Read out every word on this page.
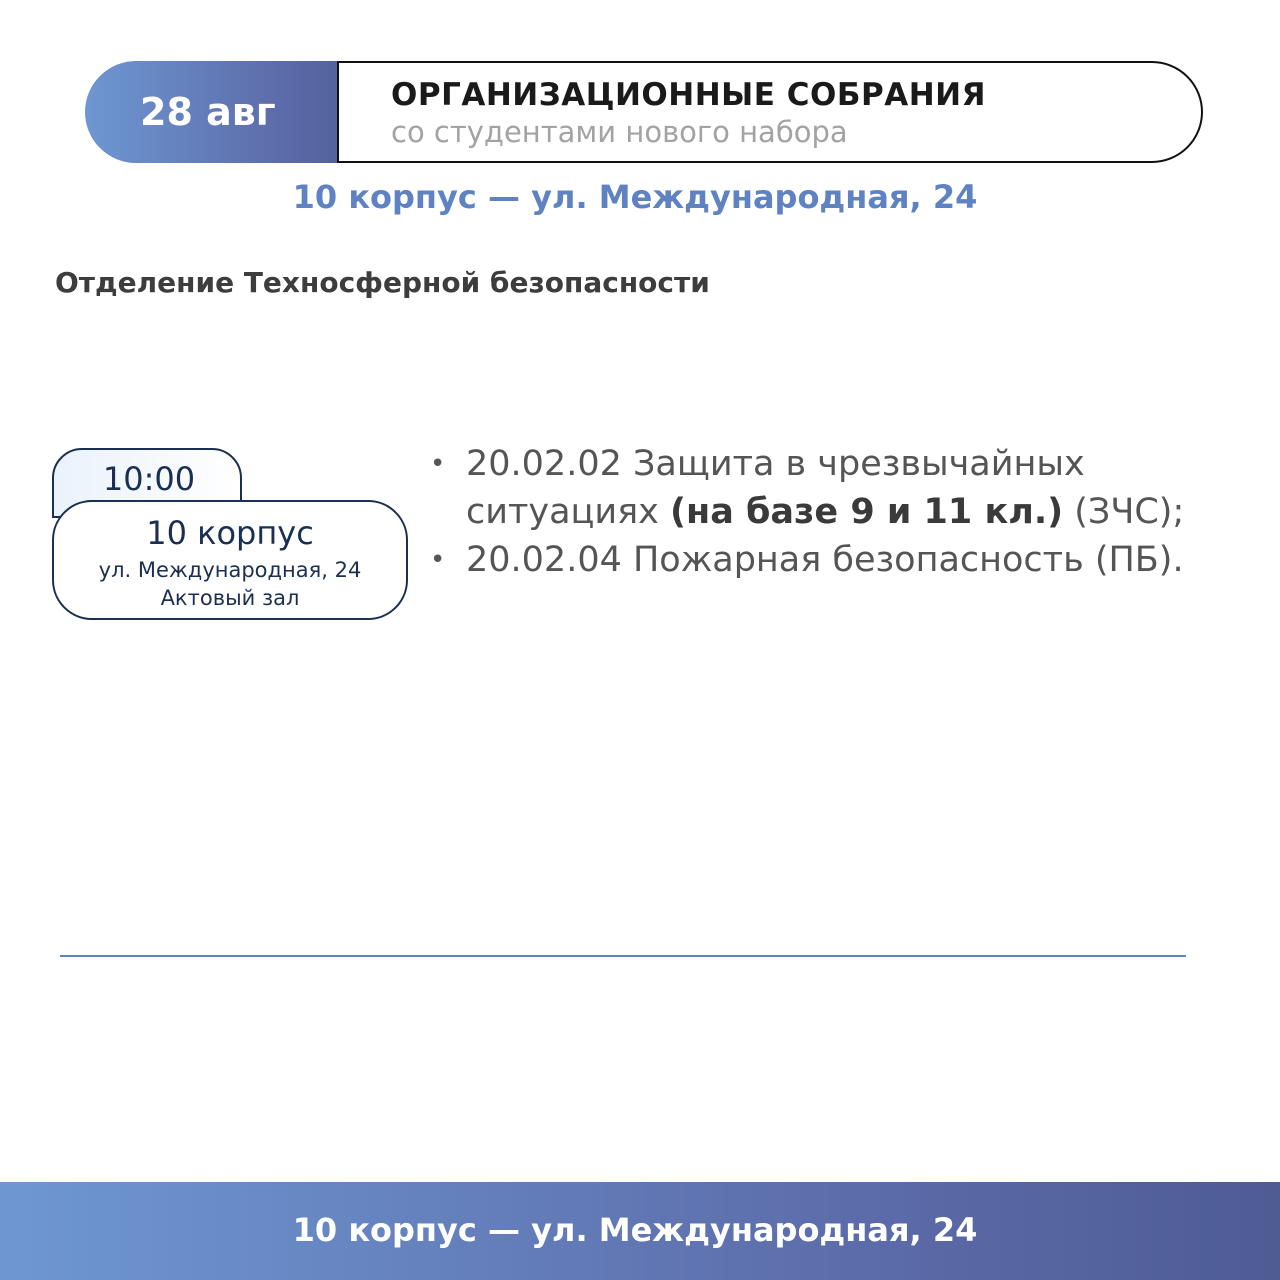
28 авг	ОРГАНИЗАЦИОННЫЕ СОБРАНИЯ
со студентами нового набора
10 корпус — ул. Международная, 24
Отделение Техносферной безопасности
10:00
10 корпус
ул. Международная, 24
Актовый зал
• 20.02.02 Защита в чрезвычайных ситуациях (на базе 9 и 11 кл.) (ЗЧС);
• 20.02.04 Пожарная безопасность (ПБ).
10 корпус — ул. Международная, 24
